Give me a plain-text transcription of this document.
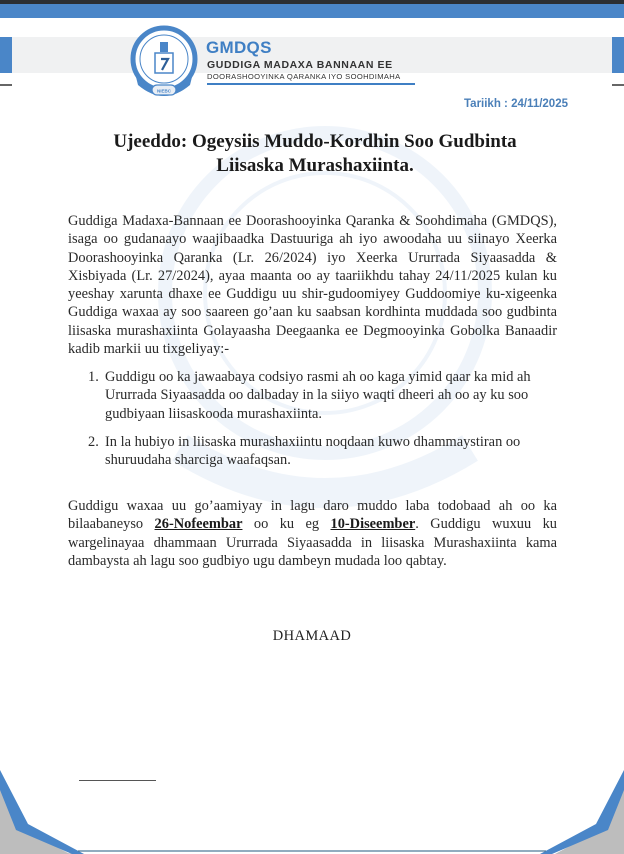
NIEBC
GMDQS
GUDDIGA MADAXA BANNAAN EE
DOORASHOOYINKA QARANKA IYO SOOHDIMAHA
Tariikh : 24/11/2025
Ujeeddo: Ogeysiis Muddo-Kordhin Soo Gudbinta
Liisaska Murashaxiinta.
Guddiga Madaxa-Bannaan ee Doorashooyinka Qaranka & Soohdimaha (GMDQS), isaga oo gudanaayo waajibaadka Dastuuriga ah iyo awoodaha uu siinayo Xeerka Doorashooyinka Qaranka (Lr. 26/2024) iyo Xeerka Ururrada Siyaasadda & Xisbiyada (Lr. 27/2024), ayaa maanta oo ay taariikhdu tahay 24/11/2025 kulan ku yeeshay xarunta dhaxe ee Guddigu uu shir-gudoomiyey Guddoomiye ku-xigeenka Guddiga waxaa ay soo saareen go’aan ku saabsan kordhinta muddada soo gudbinta liisaska murashaxiinta Golayaasha Deegaanka ee Degmooyinka Gobolka Banaadir kadib markii uu tixgeliyay:-
1. Guddigu oo ka jawaabaya codsiyo rasmi ah oo kaga yimid qaar ka mid ah Ururrada Siyaasadda oo dalbaday in la siiyo waqti dheeri ah oo ay ku soo gudbiyaan liisaskooda murashaxiinta.
2. In la hubiyo in liisaska murashaxiintu noqdaan kuwo dhammaystiran oo shuruudaha sharciga waafaqsan.
Guddigu waxaa uu go’aamiyay in lagu daro muddo laba todobaad ah oo ka bilaabaneyso 26-Nofeembar oo ku eg 10-Diseember. Guddigu wuxuu ku wargelinayaa dhammaan Ururrada Siyaasadda in liisaska Murashaxiinta kama dambaysta ah lagu soo gudbiyo ugu dambeyn mudada loo qabtay.
DHAMAAD
